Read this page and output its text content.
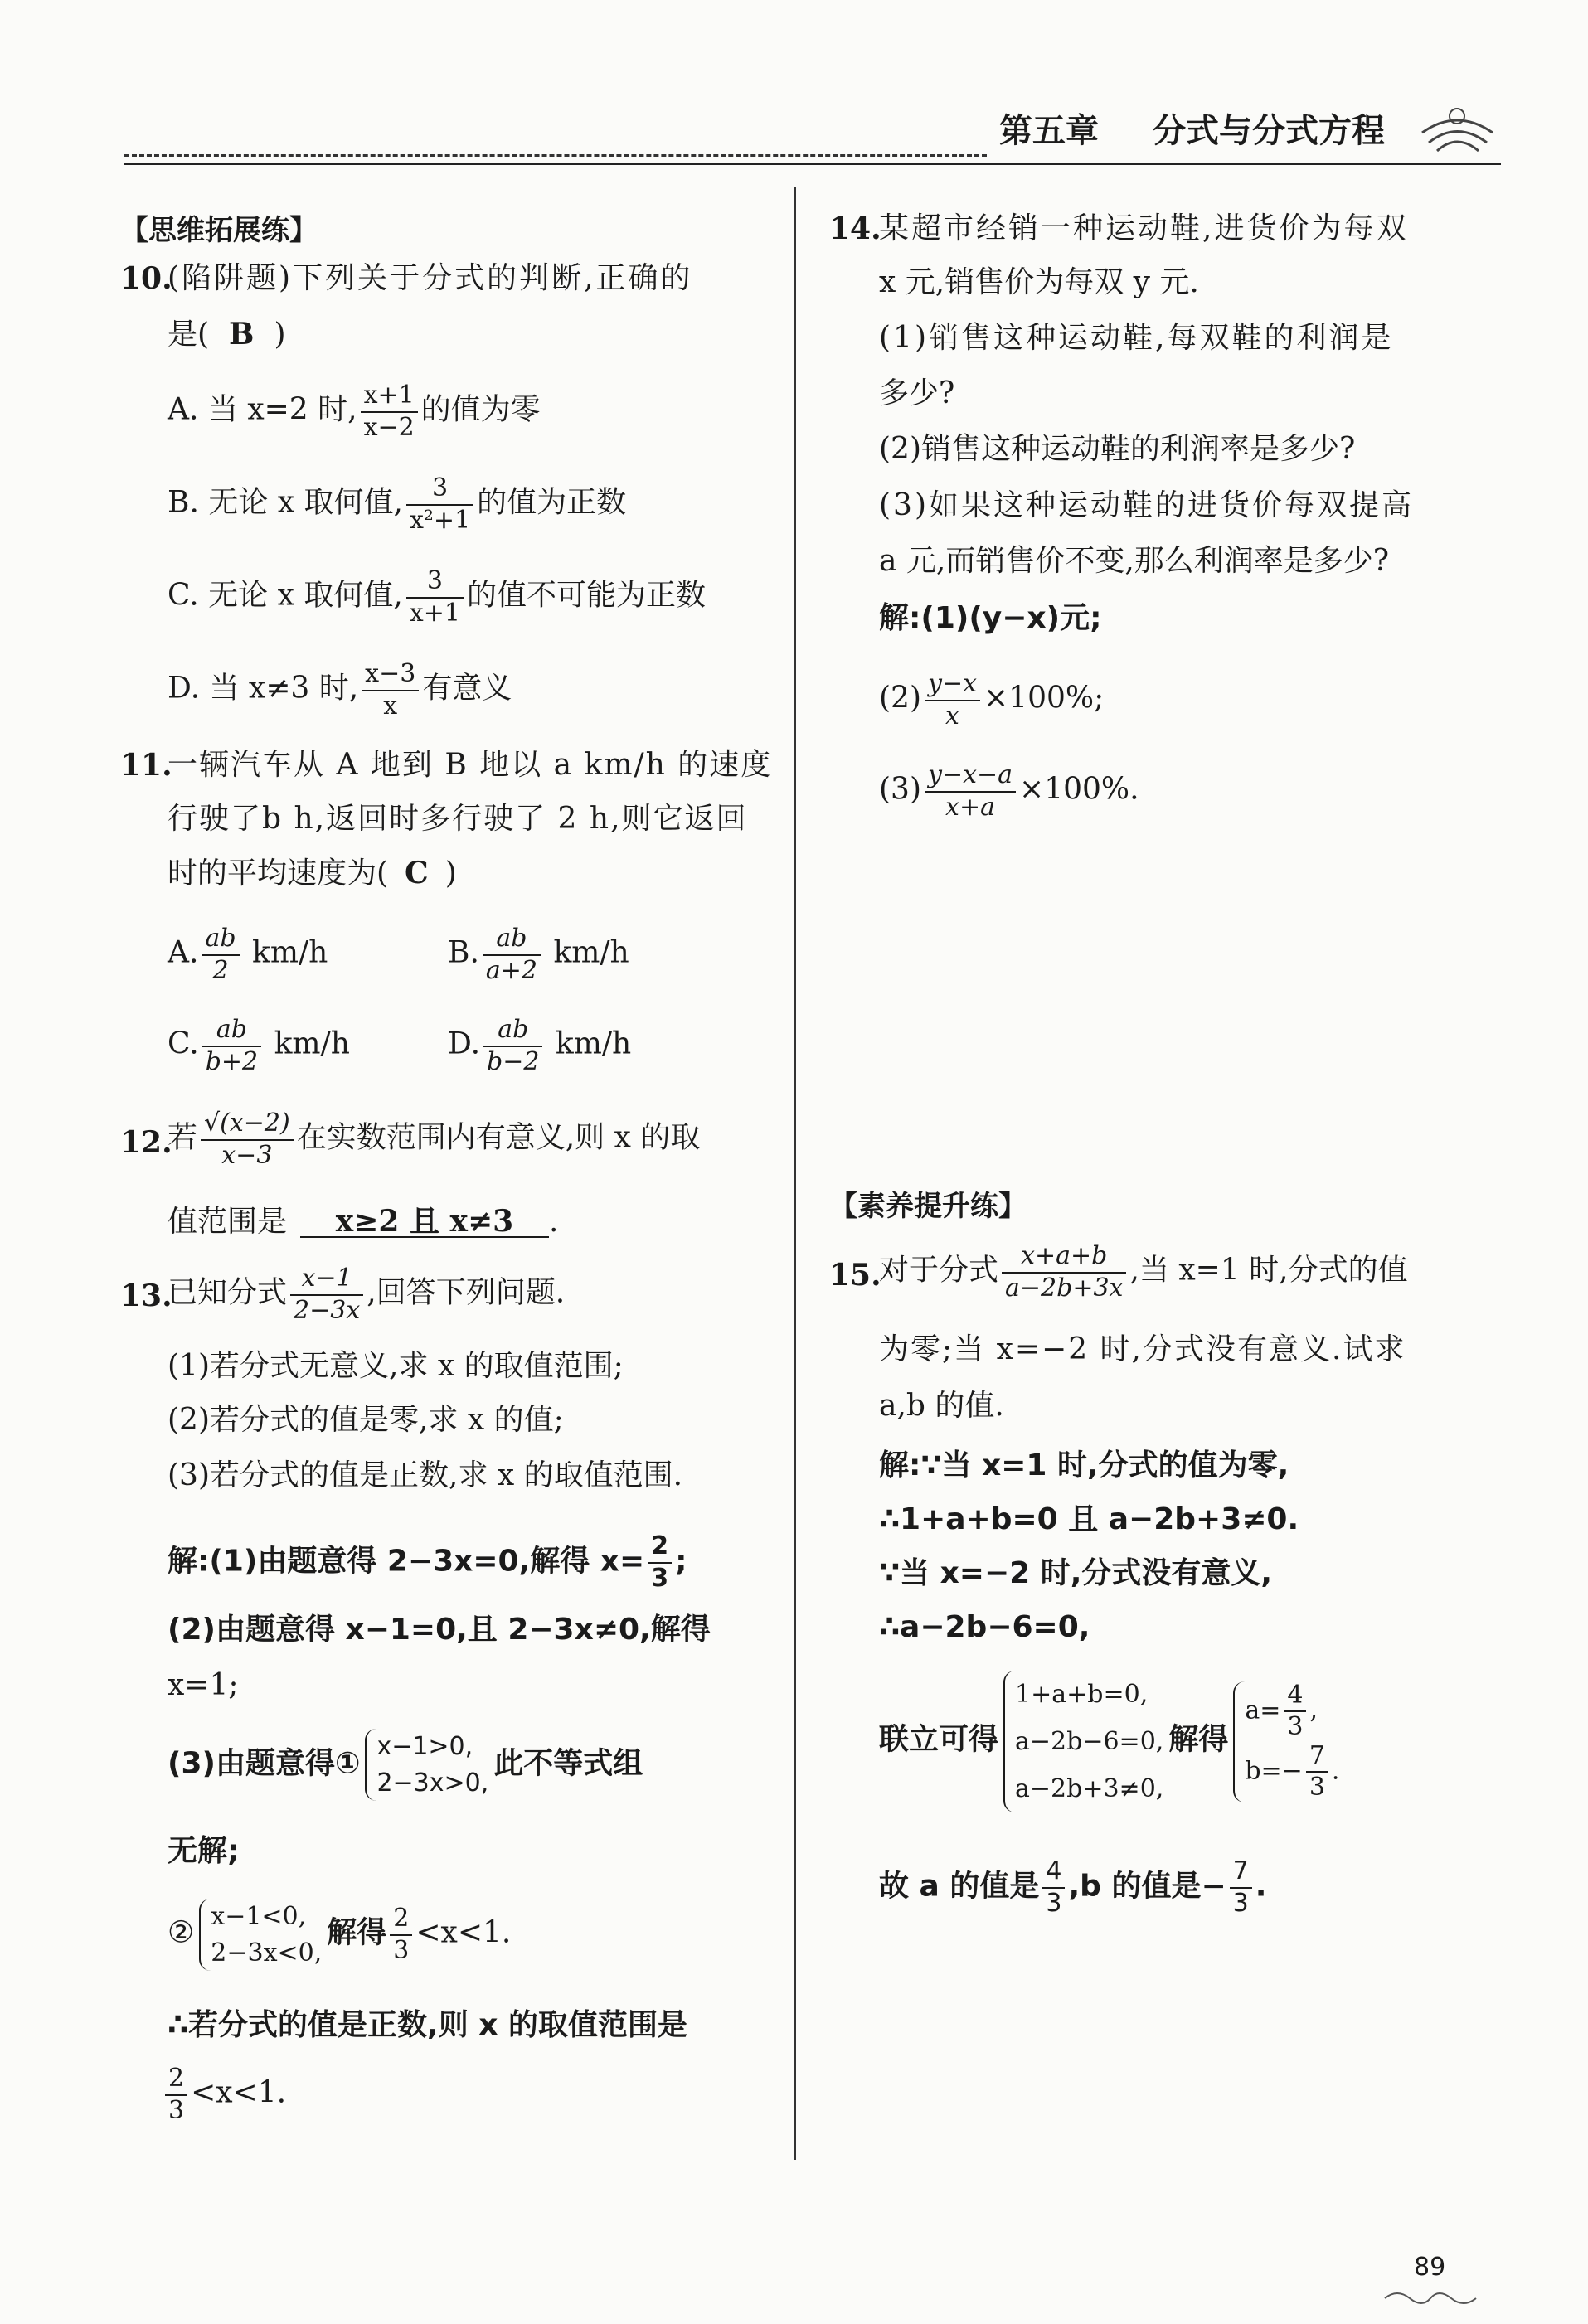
第五章 分式与分式方程
【思维拓展练】
10.
(陷阱题)下列关于分式的判断,正确的
是( B )
A. 当 x=2 时, $\frac{x+1}{x-2}$ 的值为零
B. 无论 x 取何值, $\frac{3}{\text{x²+1}}$ 的值为正数
C. 无论 x 取何值, $\frac{3}{x+1}$ 的值不可能为正数
D. 当 x≠3 时, $\frac{x-3}{x}$ 有意义
11.
一辆汽车从 A 地到 B 地以 a km/h 的速度
行驶了b h,返回时多行驶了 2 h,则它返回
时的平均速度为( C )
A. $\frac{ab}{2} km/h$	B. $\frac{ab}{a+2} km/h$
C. $\frac{ab}{b+2} km/h$	D. $\frac{ab}{b-2} km/h$
12.
若 $\frac{√(x-2)}{x-3}$ 在实数范围内有意义,则 x 的取
值范围是 x≥2 且 x≠3 .
13.
已知分式 $\frac{x-1}{2-3x}$ ,回答下列问题.
(1)若分式无意义,求 x 的取值范围;
(2)若分式的值是零,求 x 的值;
(3)若分式的值是正数,求 x 的取值范围.
解:(1)由题意得 2−3x=0,解得 $x= \frac{2}{3}$ ;
(2)由题意得 x−1=0,且 2−3x≠0,解得
x=1;
(3)由题意得① x−1>0,
2−3x>0,此不等式组
无解;
② x−1<0,
2−3x<0,解得 $\frac{2}{3} <x<1$.
∴若分式的值是正数,则 x 的取值范围是
$\frac{2}{3} <x<1$.
14.
某超市经销一种运动鞋,进货价为每双
x 元,销售价为每双 y 元.
(1)销售这种运动鞋,每双鞋的利润是
多少?
(2)销售这种运动鞋的利润率是多少?
(3)如果这种运动鞋的进货价每双提高
a 元,而销售价不变,那么利润率是多少?
解:(1)(y−x)元;
$(2) \frac{y-x}{x} \times 100\%$;
$(3) \frac{y-x-a}{x+a} \times 100\%$.
【素养提升练】
15.
对于分式 $\frac{x+a+b}{a-2b+3x}$ ,当 x=1 时,分式的值
为零;当 x=−2 时,分式没有意义.试求
a,b 的值.
解:∵当 x=1 时,分式的值为零,
∴1+a+b=0 且 a−2b+3≠0.
∵当 x=−2 时,分式没有意义,
∴a−2b−6=0,
联立可得1+a+b=0,
a−2b−6=0,
a−2b+3≠0,解得$a= \frac{4}{3}$ ,
$b=- \frac{7}{3}$ .
故 a 的值是 $\frac{4}{3} ,b$ 的值是− $\frac{7}{3}$ .
89
